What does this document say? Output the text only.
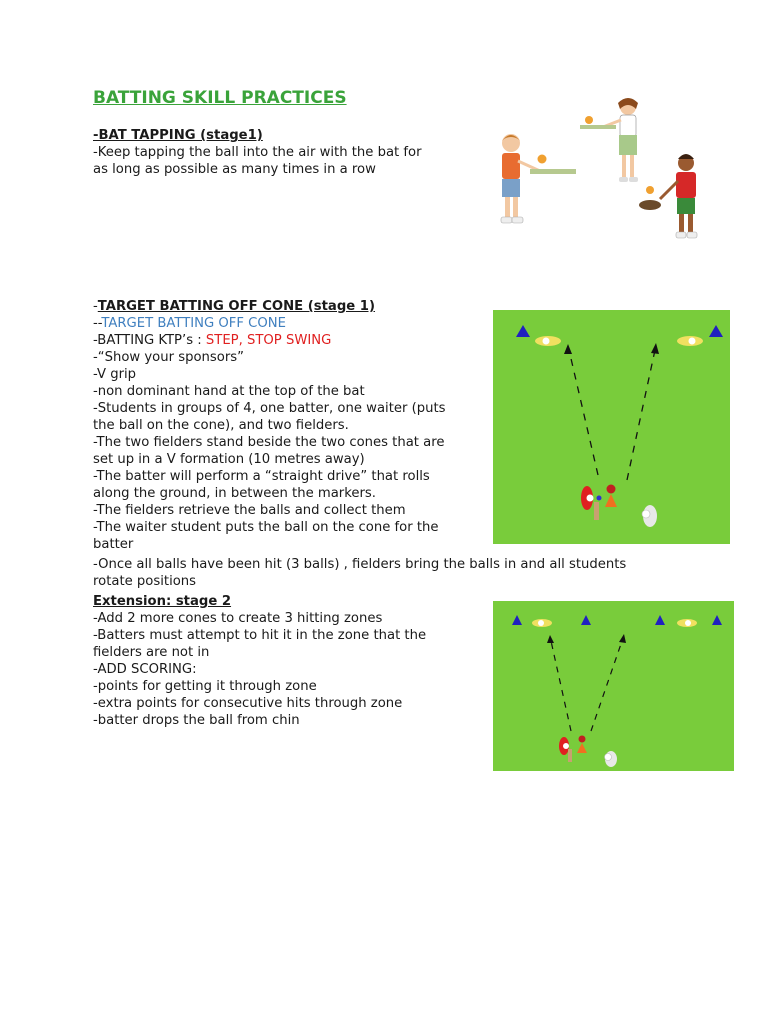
BATTING SKILL PRACTICES
-BAT TAPPING (stage1)
-Keep tapping the ball into the air with the bat for
as long as possible as many times in a row
-TARGET BATTING OFF CONE (stage 1)
--TARGET BATTING OFF CONE
-BATTING KTP’s : STEP, STOP SWING
-“Show your sponsors”
-V grip
-non dominant hand at the top of the bat
-Students in groups of 4, one batter, one waiter (puts
the ball on the cone), and two fielders.
-The two fielders stand beside the two cones that are
set up in a V formation (10 metres away)
-The batter will perform a “straight drive” that rolls
along the ground, in between the markers.
-The fielders retrieve the balls and collect them
-The waiter student puts the ball on the cone for the
batter
-Once all balls have been hit (3 balls) , fielders bring the balls in and all students
rotate positions
Extension: stage 2
-Add 2 more cones to create 3 hitting zones
-Batters must attempt to hit it in the zone that the
fielders are not in
-ADD SCORING:
-points for getting it through zone
-extra points for consecutive hits through zone
-batter drops the ball from chin
